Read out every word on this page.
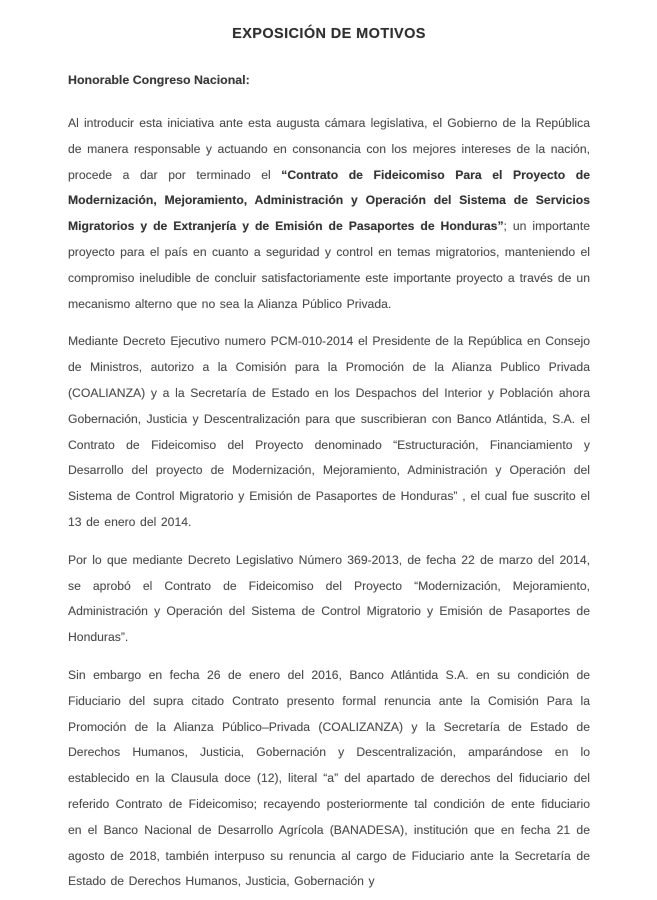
EXPOSICIÓN DE MOTIVOS

Honorable Congreso Nacional:

Al introducir esta iniciativa ante esta augusta cámara legislativa, el Gobierno de la República de manera responsable y actuando en consonancia con los mejores intereses de la nación, procede a dar por terminado el “Contrato de Fideicomiso Para el Proyecto de Modernización, Mejoramiento, Administración y Operación del Sistema de Servicios Migratorios y de Extranjería y de Emisión de Pasaportes de Honduras”; un importante proyecto para el país en cuanto a seguridad y control en temas migratorios, manteniendo el compromiso ineludible de concluir satisfactoriamente este importante proyecto a través de un mecanismo alterno que no sea la Alianza Público Privada.

Mediante Decreto Ejecutivo numero PCM-010-2014 el Presidente de la República en Consejo de Ministros, autorizo a la Comisión para la Promoción de la Alianza Publico Privada (COALIANZA) y a la Secretaría de Estado en los Despachos del Interior y Población ahora Gobernación, Justicia y Descentralización para que suscribieran con Banco Atlántida, S.A. el Contrato de Fideicomiso del Proyecto denominado “Estructuración, Financiamiento y Desarrollo del proyecto de Modernización, Mejoramiento, Administración y Operación del Sistema de Control Migratorio y Emisión de Pasaportes de Honduras” , el cual fue suscrito el 13 de enero del 2014.

Por lo que mediante Decreto Legislativo Número 369-2013, de fecha 22 de marzo del 2014, se aprobó el Contrato de Fideicomiso del Proyecto “Modernización, Mejoramiento, Administración y Operación del Sistema de Control Migratorio y Emisión de Pasaportes de Honduras”.

Sin embargo en fecha 26 de enero del 2016, Banco Atlántida S.A. en su condición de Fiduciario del supra citado Contrato presento formal renuncia ante la Comisión Para la Promoción de la Alianza Público–Privada (COALIZANZA) y la Secretaría de Estado de Derechos Humanos, Justicia, Gobernación y Descentralización, amparándose en lo establecido en la Clausula doce (12), literal “a” del apartado de derechos del fiduciario del referido Contrato de Fideicomiso; recayendo posteriormente tal condición de ente fiduciario en el Banco Nacional de Desarrollo Agrícola (BANADESA), institución que en fecha 21 de agosto de 2018, también interpuso su renuncia al cargo de Fiduciario ante la Secretaría de Estado de Derechos Humanos, Justicia, Gobernación y
